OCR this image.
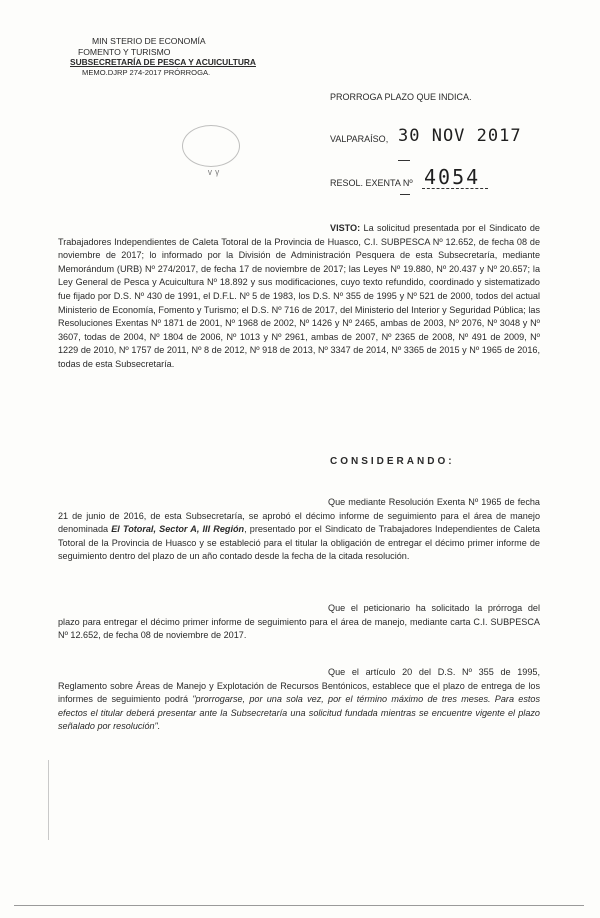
MIN STERIO DE ECONOMÍA
FOMENTO Y TURISMO
SUBSECRETARÍA DE PESCA Y ACUICULTURA
MEMO.DJRP 274-2017 PRÓRROGA.
PRORROGA PLAZO QUE INDICA.
ᵥ ᵧ
VALPARAÍSO, 30 NOV 2017
RESOL. EXENTA Nº 4054
VISTO: La solicitud presentada por el Sindicato de Trabajadores Independientes de Caleta Totoral de la Provincia de Huasco, C.I. SUBPESCA Nº 12.652, de fecha 08 de noviembre de 2017; lo informado por la División de Administración Pesquera de esta Subsecretaría, mediante Memorándum (URB) Nº 274/2017, de fecha 17 de noviembre de 2017; las Leyes Nº 19.880, Nº 20.437 y Nº 20.657; la Ley General de Pesca y Acuicultura Nº 18.892 y sus modificaciones, cuyo texto refundido, coordinado y sistematizado fue fijado por D.S. Nº 430 de 1991, el D.F.L. Nº 5 de 1983, los D.S. Nº 355 de 1995 y Nº 521 de 2000, todos del actual Ministerio de Economía, Fomento y Turismo; el D.S. Nº 716 de 2017, del Ministerio del Interior y Seguridad Pública; las Resoluciones Exentas Nº 1871 de 2001, Nº 1968 de 2002, Nº 1426 y Nº 2465, ambas de 2003, Nº 2076, Nº 3048 y Nº 3607, todas de 2004, Nº 1804 de 2006, Nº 1013 y Nº 2961, ambas de 2007, Nº 2365 de 2008, Nº 491 de 2009, Nº 1229 de 2010, Nº 1757 de 2011, Nº 8 de 2012, Nº 918 de 2013, Nº 3347 de 2014, Nº 3365 de 2015 y Nº 1965 de 2016, todas de esta Subsecretaría.
CONSIDERANDO:
Que mediante Resolución Exenta Nº 1965 de fecha 21 de junio de 2016, de esta Subsecretaría, se aprobó el décimo informe de seguimiento para el área de manejo denominada El Totoral, Sector A, III Región, presentado por el Sindicato de Trabajadores Independientes de Caleta Totoral de la Provincia de Huasco y se estableció para el titular la obligación de entregar el décimo primer informe de seguimiento dentro del plazo de un año contado desde la fecha de la citada resolución.
Que el peticionario ha solicitado la prórroga del plazo para entregar el décimo primer informe de seguimiento para el área de manejo, mediante carta C.I. SUBPESCA Nº 12.652, de fecha 08 de noviembre de 2017.
Que el artículo 20 del D.S. Nº 355 de 1995, Reglamento sobre Áreas de Manejo y Explotación de Recursos Bentónicos, establece que el plazo de entrega de los informes de seguimiento podrá "prorrogarse, por una sola vez, por el término máximo de tres meses. Para estos efectos el titular deberá presentar ante la Subsecretaría una solicitud fundada mientras se encuentre vigente el plazo señalado por resolución".
